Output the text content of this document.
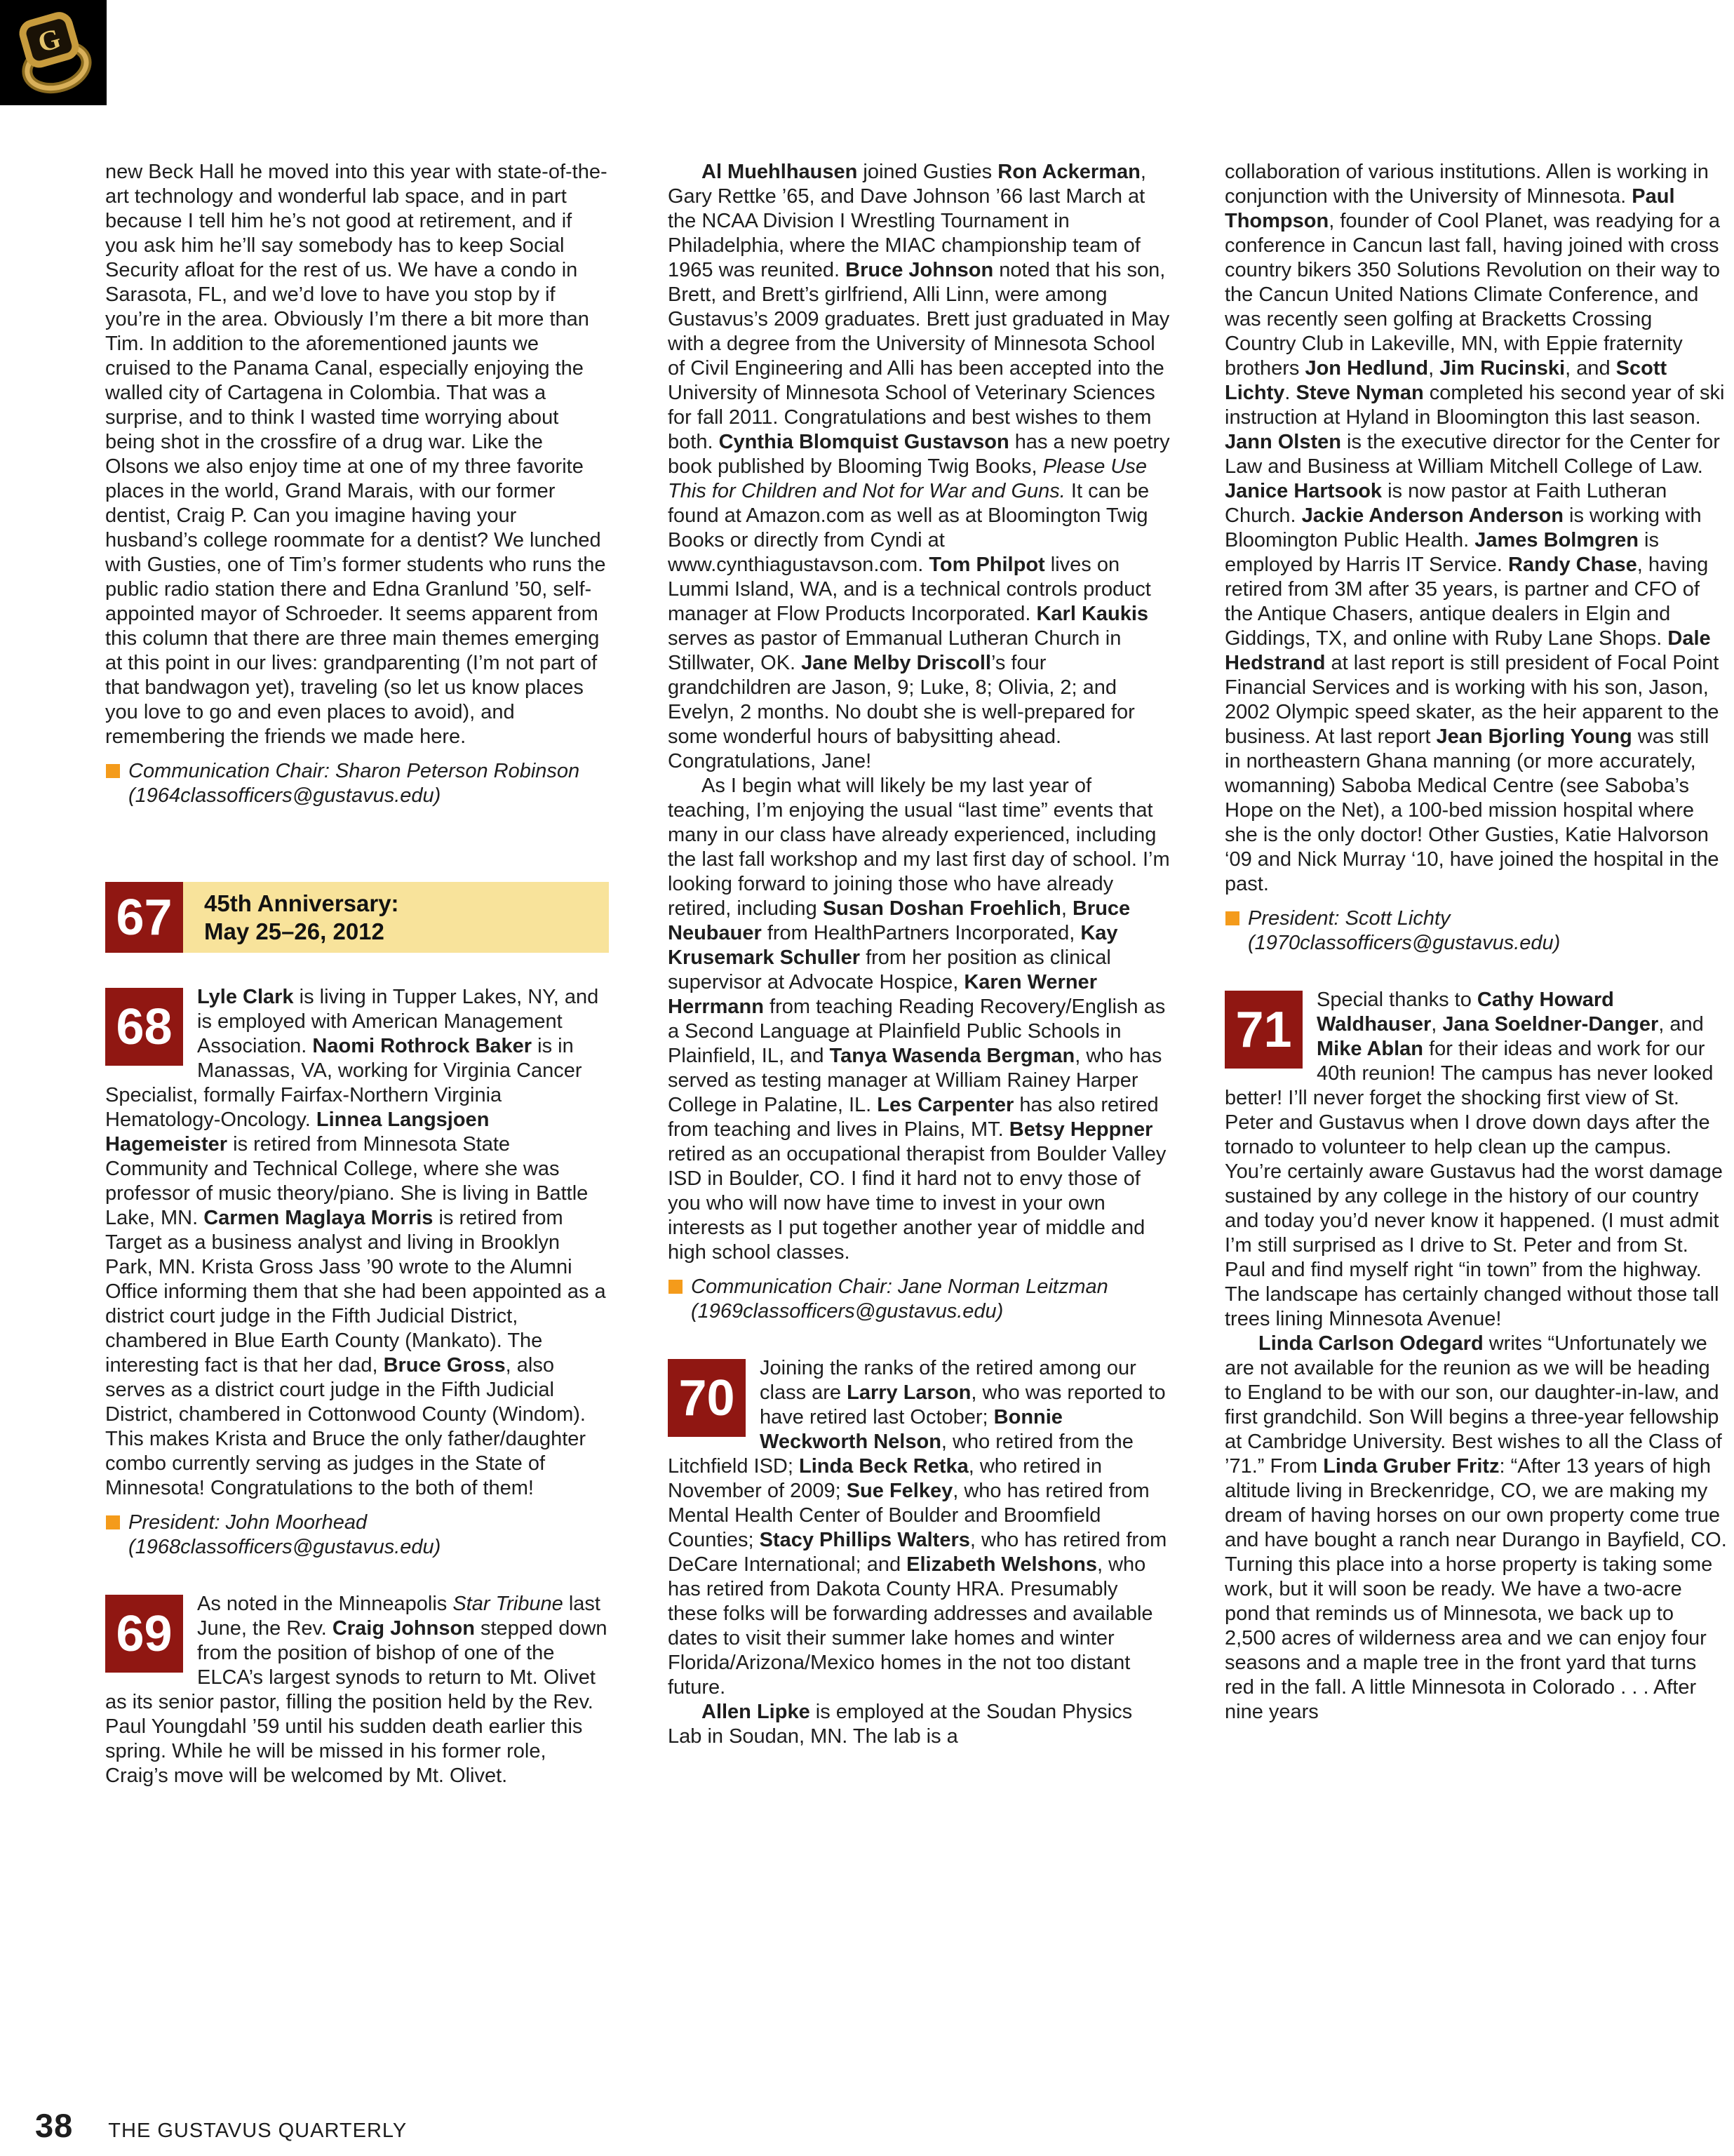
G

new Beck Hall he moved into this year with state-of-the-art technology and wonderful lab space, and in part because I tell him he’s not good at retirement, and if you ask him he’ll say somebody has to keep Social Security afloat for the rest of us. We have a condo in Sarasota, FL, and we’d love to have you stop by if you’re in the area. Obviously I’m there a bit more than Tim. In addition to the aforementioned jaunts we cruised to the Panama Canal, especially enjoying the walled city of Cartagena in Colombia. That was a surprise, and to think I wasted time worrying about being shot in the crossfire of a drug war. Like the Olsons we also enjoy time at one of my three favorite places in the world, Grand Marais, with our former dentist, Craig P. Can you imagine having your husband’s college roommate for a dentist? We lunched with Gusties, one of Tim’s former students who runs the public radio station there and Edna Granlund ’50, self-appointed mayor of Schroeder. It seems apparent from this column that there are three main themes emerging at this point in our lives: grandparenting (I’m not part of that bandwagon yet), traveling (so let us know places you love to go and even places to avoid), and remembering the friends we made here.

Communication Chair: Sharon Peterson Robinson (1964classofficers@gustavus.edu)
67	45th Anniversary:
May 25–26, 2012
68

Lyle Clark is living in Tupper Lakes, NY, and is employed with American Management Association. Naomi Rothrock Baker is in Manassas, VA, working for Virginia Cancer Specialist, formally Fairfax-Northern Virginia Hematology-Oncology. Linnea Langsjoen Hagemeister is retired from Minnesota State Community and Technical College, where she was professor of music theory/piano. She is living in Battle Lake, MN. Carmen Maglaya Morris is retired from Target as a business analyst and living in Brooklyn Park, MN. Krista Gross Jass ’90 wrote to the Alumni Office informing them that she had been appointed as a district court judge in the Fifth Judicial District, chambered in Blue Earth County (Mankato). The interesting fact is that her dad, Bruce Gross, also serves as a district court judge in the Fifth Judicial District, chambered in Cottonwood County (Windom). This makes Krista and Bruce the only father/daughter combo currently serving as judges in the State of Minnesota! Congratulations to the both of them!

President: John Moorhead (1968classofficers@gustavus.edu)
69

As noted in the Minneapolis Star Tribune last June, the Rev. Craig Johnson stepped down from the position of bishop of one of the ELCA’s largest synods to return to Mt. Olivet as its senior pastor, filling the position held by the Rev. Paul Youngdahl ’59 until his sudden death earlier this spring. While he will be missed in his former role, Craig’s move will be welcomed by Mt. Olivet.

Al Muehlhausen joined Gusties Ron Ackerman, Gary Rettke ’65, and Dave Johnson ’66 last March at the NCAA Division I Wrestling Tournament in Philadelphia, where the MIAC championship team of 1965 was reunited. Bruce Johnson noted that his son, Brett, and Brett’s girlfriend, Alli Linn, were among Gustavus’s 2009 graduates. Brett just graduated in May with a degree from the University of Minnesota School of Civil Engineering and Alli has been accepted into the University of Minnesota School of Veterinary Sciences for fall 2011. Congratulations and best wishes to them both. Cynthia Blomquist Gustavson has a new poetry book published by Blooming Twig Books, Please Use This for Children and Not for War and Guns. It can be found at Amazon.com as well as at Bloomington Twig Books or directly from Cyndi at www.cynthiagustavson.com. Tom Philpot lives on Lummi Island, WA, and is a technical controls product manager at Flow Products Incorporated. Karl Kaukis serves as pastor of Emmanual Lutheran Church in Stillwater, OK. Jane Melby Driscoll’s four grandchildren are Jason, 9; Luke, 8; Olivia, 2; and Evelyn, 2 months. No doubt she is well-prepared for some wonderful hours of babysitting ahead. Congratulations, Jane!

As I begin what will likely be my last year of teaching, I’m enjoying the usual “last time” events that many in our class have already experienced, including the last fall workshop and my last first day of school. I’m looking forward to joining those who have already retired, including Susan Doshan Froehlich, Bruce Neubauer from HealthPartners Incorporated, Kay Krusemark Schuller from her position as clinical supervisor at Advocate Hospice, Karen Werner Herrmann from teaching Reading Recovery/English as a Second Language at Plainfield Public Schools in Plainfield, IL, and Tanya Wasenda Bergman, who has served as testing manager at William Rainey Harper College in Palatine, IL. Les Carpenter has also retired from teaching and lives in Plains, MT. Betsy Heppner retired as an occupational therapist from Boulder Valley ISD in Boulder, CO. I find it hard not to envy those of you who will now have time to invest in your own interests as I put together another year of middle and high school classes.

Communication Chair: Jane Norman Leitzman (1969classofficers@gustavus.edu)
70

Joining the ranks of the retired among our class are Larry Larson, who was reported to have retired last October; Bonnie Weckworth Nelson, who retired from the Litchfield ISD; Linda Beck Retka, who retired in November of 2009; Sue Felkey, who has retired from Mental Health Center of Boulder and Broomfield Counties; Stacy Phillips Walters, who has retired from DeCare International; and Elizabeth Welshons, who has retired from Dakota County HRA. Presumably these folks will be forwarding addresses and available dates to visit their summer lake homes and winter Florida/Arizona/Mexico homes in the not too distant future.

Allen Lipke is employed at the Soudan Physics Lab in Soudan, MN. The lab is a

collaboration of various institutions. Allen is working in conjunction with the University of Minnesota. Paul Thompson, founder of Cool Planet, was readying for a conference in Cancun last fall, having joined with cross country bikers 350 Solutions Revolution on their way to the Cancun United Nations Climate Conference, and was recently seen golfing at Bracketts Crossing Country Club in Lakeville, MN, with Eppie fraternity brothers Jon Hedlund, Jim Rucinski, and Scott Lichty. Steve Nyman completed his second year of ski instruction at Hyland in Bloomington this last season. Jann Olsten is the executive director for the Center for Law and Business at William Mitchell College of Law. Janice Hartsook is now pastor at Faith Lutheran Church. Jackie Anderson Anderson is working with Bloomington Public Health. James Bolmgren is employed by Harris IT Service. Randy Chase, having retired from 3M after 35 years, is partner and CFO of the Antique Chasers, antique dealers in Elgin and Giddings, TX, and online with Ruby Lane Shops. Dale Hedstrand at last report is still president of Focal Point Financial Services and is working with his son, Jason, 2002 Olympic speed skater, as the heir apparent to the business. At last report Jean Bjorling Young was still in northeastern Ghana manning (or more accurately, womanning) Saboba Medical Centre (see Saboba’s Hope on the Net), a 100-bed mission hospital where she is the only doctor! Other Gusties, Katie Halvorson ‘09 and Nick Murray ‘10, have joined the hospital in the past.

President: Scott Lichty (1970classofficers@gustavus.edu)
71

Special thanks to Cathy Howard Waldhauser, Jana Soeldner-Danger, and Mike Ablan for their ideas and work for our 40th reunion! The campus has never looked better! I’ll never forget the shocking first view of St. Peter and Gustavus when I drove down days after the tornado to volunteer to help clean up the campus. You’re certainly aware Gustavus had the worst damage sustained by any college in the history of our country and today you’d never know it happened. (I must admit I’m still surprised as I drive to St. Peter and from St. Paul and find myself right “in town” from the highway. The landscape has certainly changed without those tall trees lining Minnesota Avenue!

Linda Carlson Odegard writes “Unfortunately we are not available for the reunion as we will be heading to England to be with our son, our daughter-in-law, and first grandchild. Son Will begins a three-year fellowship at Cambridge University. Best wishes to all the Class of ’71.” From Linda Gruber Fritz: “After 13 years of high altitude living in Breckenridge, CO, we are making my dream of having horses on our own property come true and have bought a ranch near Durango in Bayfield, CO. Turning this place into a horse property is taking some work, but it will soon be ready. We have a two-acre pond that reminds us of Minnesota, we back up to 2,500 acres of wilderness area and we can enjoy four seasons and a maple tree in the front yard that turns red in the fall. A little Minnesota in Colorado . . . After nine years

38 THE GUSTAVUS QUARTERLY
